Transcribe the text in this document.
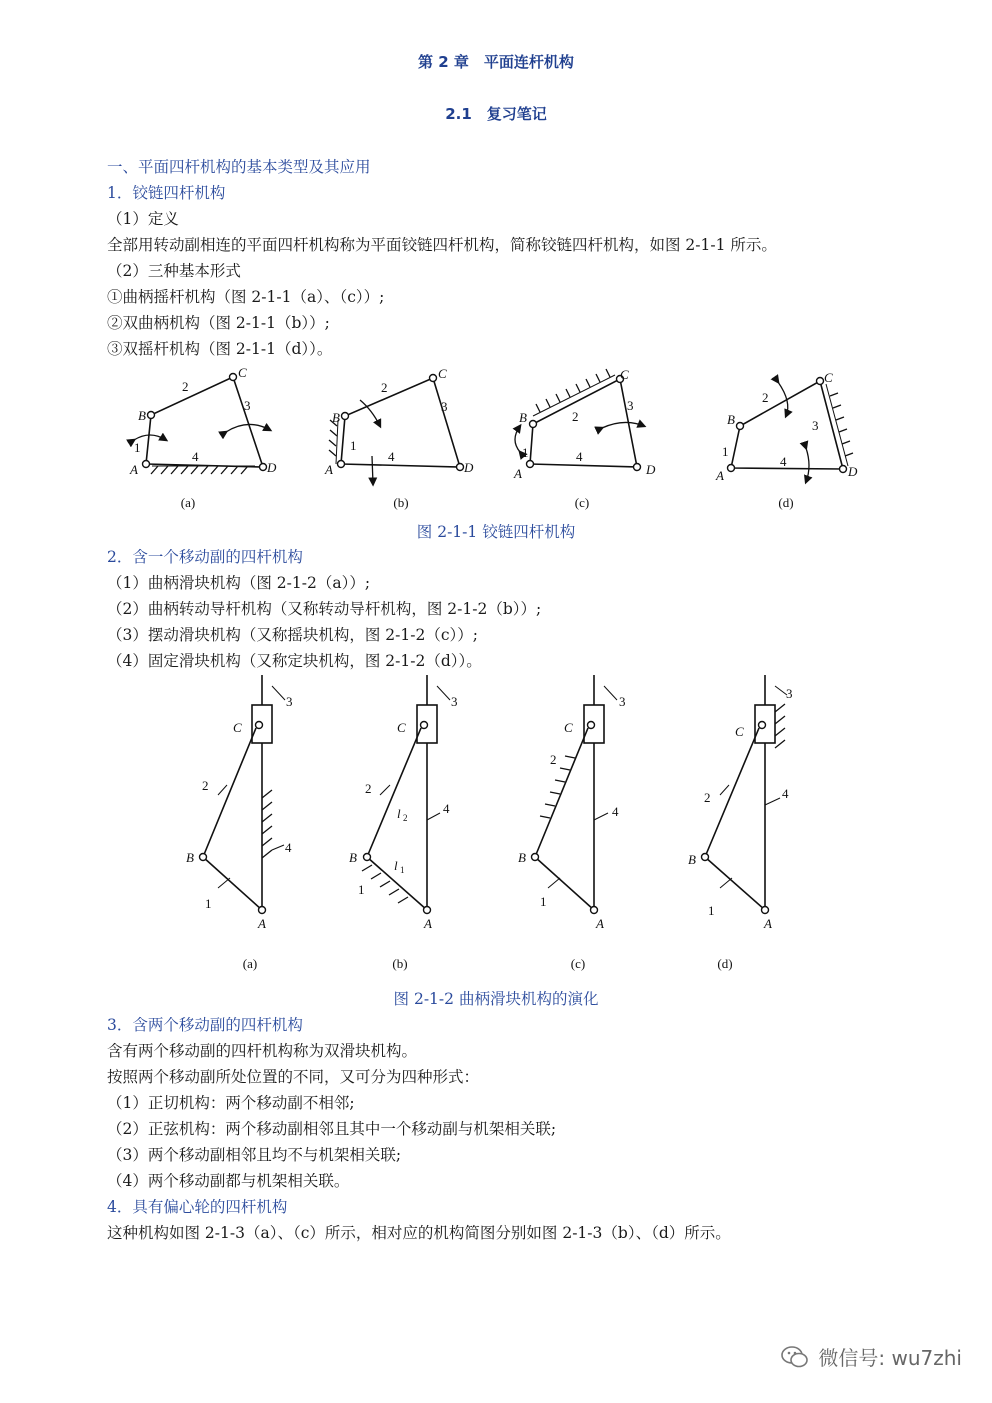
第 2 章　平面连杆机构
2.1　复习笔记
一、平面四杆机构的基本类型及其应用
1．铰链四杆机构
（1）定义
全部用转动副相连的平面四杆机构称为平面铰链四杆机构，简称铰链四杆机构，如图 2-1-1 所示。
（2）三种基本形式
①曲柄摇杆机构（图 2-1-1（a）、（c））;
②双曲柄机构（图 2-1-1（b））;
③双摇杆机构（图 2-1-1（d））。
A
B
C
D	A
B
C
D	A
B
C
D	A
B
C
D
1
2
3
4
1
2
3
4	1
2
3
4	1
2
3
4
(a)	(b)	(c)	(d)
图 2-1-1 铰链四杆机构
2．含一个移动副的四杆机构
（1）曲柄滑块机构（图 2-1-2（a））;
（2）曲柄转动导杆机构（又称转动导杆机构，图 2-1-2（b））;
（3）摆动滑块机构（又称摇块机构，图 2-1-2（c））;
（4）固定滑块机构（又称定块机构，图 2-1-2（d））。
C
B
A
C
B
A
C
B
A
C
B
A
l 2
l 1
1
2
3
4
1
2
3
4
1
2
3
4
1
2
3
4
(a)	(b)	(c)	(d)
图 2-1-2 曲柄滑块机构的演化
3．含两个移动副的四杆机构
含有两个移动副的四杆机构称为双滑块机构。
按照两个移动副所处位置的不同，又可分为四种形式：
（1）正切机构：两个移动副不相邻;
（2）正弦机构：两个移动副相邻且其中一个移动副与机架相关联;
（3）两个移动副相邻且均不与机架相关联;
（4）两个移动副都与机架相关联。
4．具有偏心轮的四杆机构
这种机构如图 2-1-3（a）、（c）所示，相对应的机构简图分别如图 2-1-3（b）、（d）所示。
微信号: wu7zhi
